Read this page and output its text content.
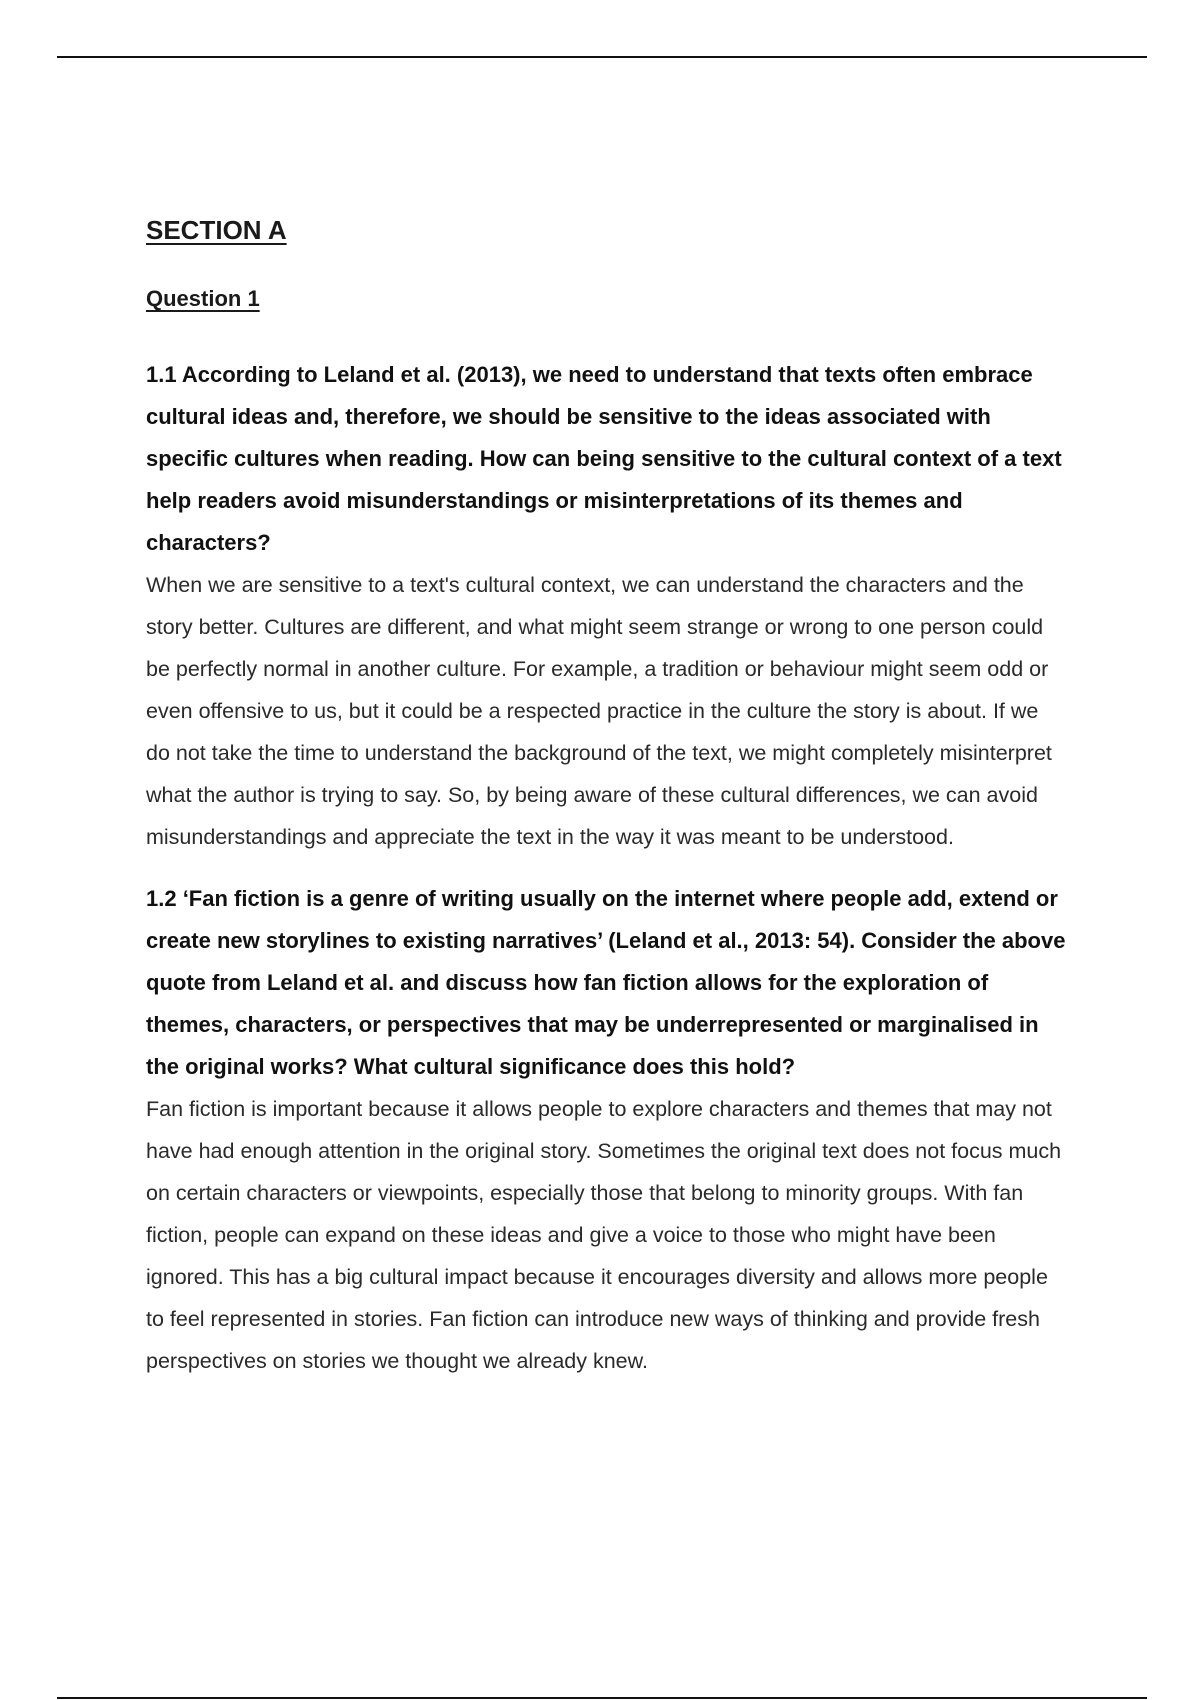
SECTION A
Question 1

1.1 According to Leland et al. (2013), we need to understand that texts often embrace cultural ideas and, therefore, we should be sensitive to the ideas associated with specific cultures when reading. How can being sensitive to the cultural context of a text help readers avoid misunderstandings or misinterpretations of its themes and characters?

When we are sensitive to a text's cultural context, we can understand the characters and the story better. Cultures are different, and what might seem strange or wrong to one person could be perfectly normal in another culture. For example, a tradition or behaviour might seem odd or even offensive to us, but it could be a respected practice in the culture the story is about. If we do not take the time to understand the background of the text, we might completely misinterpret what the author is trying to say. So, by being aware of these cultural differences, we can avoid misunderstandings and appreciate the text in the way it was meant to be understood.

1.2 ‘Fan fiction is a genre of writing usually on the internet where people add, extend or create new storylines to existing narratives’ (Leland et al., 2013: 54). Consider the above quote from Leland et al. and discuss how fan fiction allows for the exploration of themes, characters, or perspectives that may be underrepresented or marginalised in the original works? What cultural significance does this hold?

Fan fiction is important because it allows people to explore characters and themes that may not have had enough attention in the original story. Sometimes the original text does not focus much on certain characters or viewpoints, especially those that belong to minority groups. With fan fiction, people can expand on these ideas and give a voice to those who might have been ignored. This has a big cultural impact because it encourages diversity and allows more people to feel represented in stories. Fan fiction can introduce new ways of thinking and provide fresh perspectives on stories we thought we already knew.
